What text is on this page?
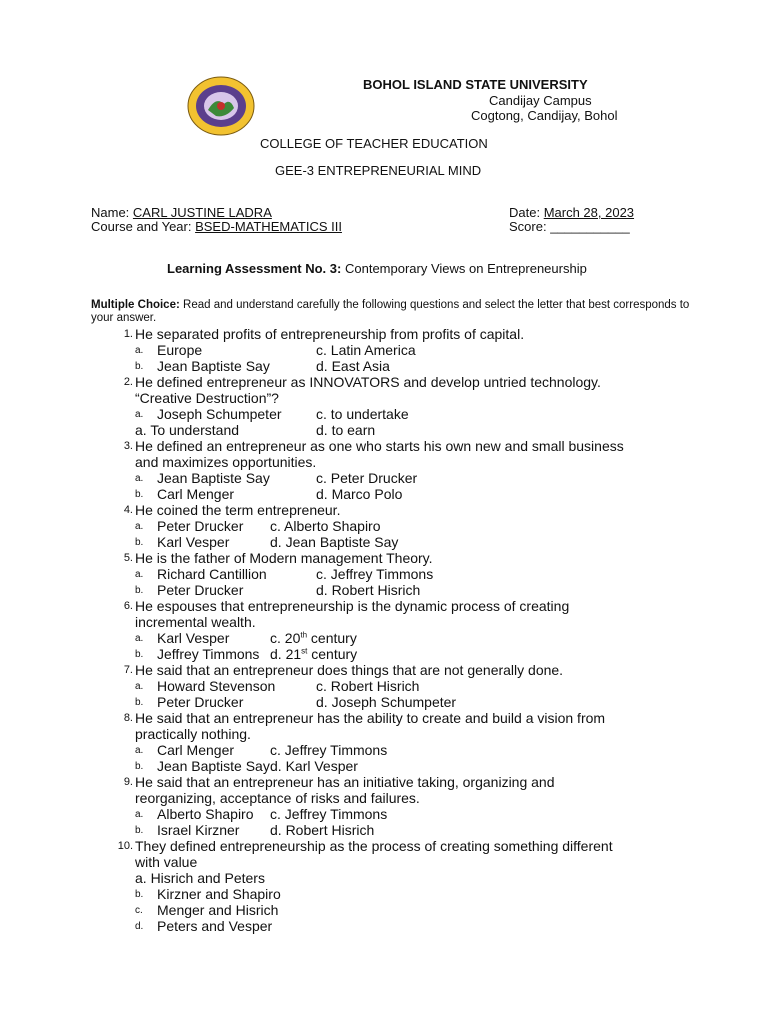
BOHOL ISLAND STATE UNIVERSITY
Candijay Campus
Cogtong, Candijay, Bohol
COLLEGE OF TEACHER EDUCATION
GEE-3 ENTREPRENEURIAL MIND
Name: CARL JUSTINE LADRA
Course and Year: BSED-MATHEMATICS III
Date: March 28, 2023
Score: ___________
Learning Assessment No. 3: Contemporary Views on Entrepreneurship
Multiple Choice: Read and understand carefully the following questions and select the letter that best corresponds to your answer.
1. He separated profits of entrepreneurship from profits of capital.
a. Europe	c. Latin America
b. Jean Baptiste Say	d. East Asia
2. He defined entrepreneur as INNOVATORS and develop untried technology.
“Creative Destruction”?
a. Joseph Schumpeter c. to undertake
a. To understand	d. to earn
3. He defined an entrepreneur as one who starts his own new and small business
and maximizes opportunities.
a. Jean Baptiste Say	c. Peter Drucker
b. Carl Menger	d. Marco Polo
4. He coined the term entrepreneur.
a. Peter Drucker c. Alberto Shapiro
b. Karl Vesper	d. Jean Baptiste Say
5. He is the father of Modern management Theory.
a. Richard Cantillion	c. Jeffrey Timmons
b. Peter Drucker	d. Robert Hisrich
6. He espouses that entrepreneurship is the dynamic process of creating
incremental wealth.
a. Karl Vesper	c. 20th century
b. Jeffrey Timmons d. 21st century
7. He said that an entrepreneur does things that are not generally done.
a. Howard Stevenson	c. Robert Hisrich
b. Peter Drucker	d. Joseph Schumpeter
8. He said that an entrepreneur has the ability to create and build a vision from
practically nothing.
a. Carl Menger	c. Jeffrey Timmons
b. Jean Baptiste Say d. Karl Vesper
9. He said that an entrepreneur has an initiative taking, organizing and
reorganizing, acceptance of risks and failures.
a. Alberto Shapiro c. Jeffrey Timmons
b. Israel Kirzner d. Robert Hisrich
10. They defined entrepreneurship as the process of creating something different
with value
a. Hisrich and Peters
b. Kirzner and Shapiro
c. Menger and Hisrich
d. Peters and Vesper
